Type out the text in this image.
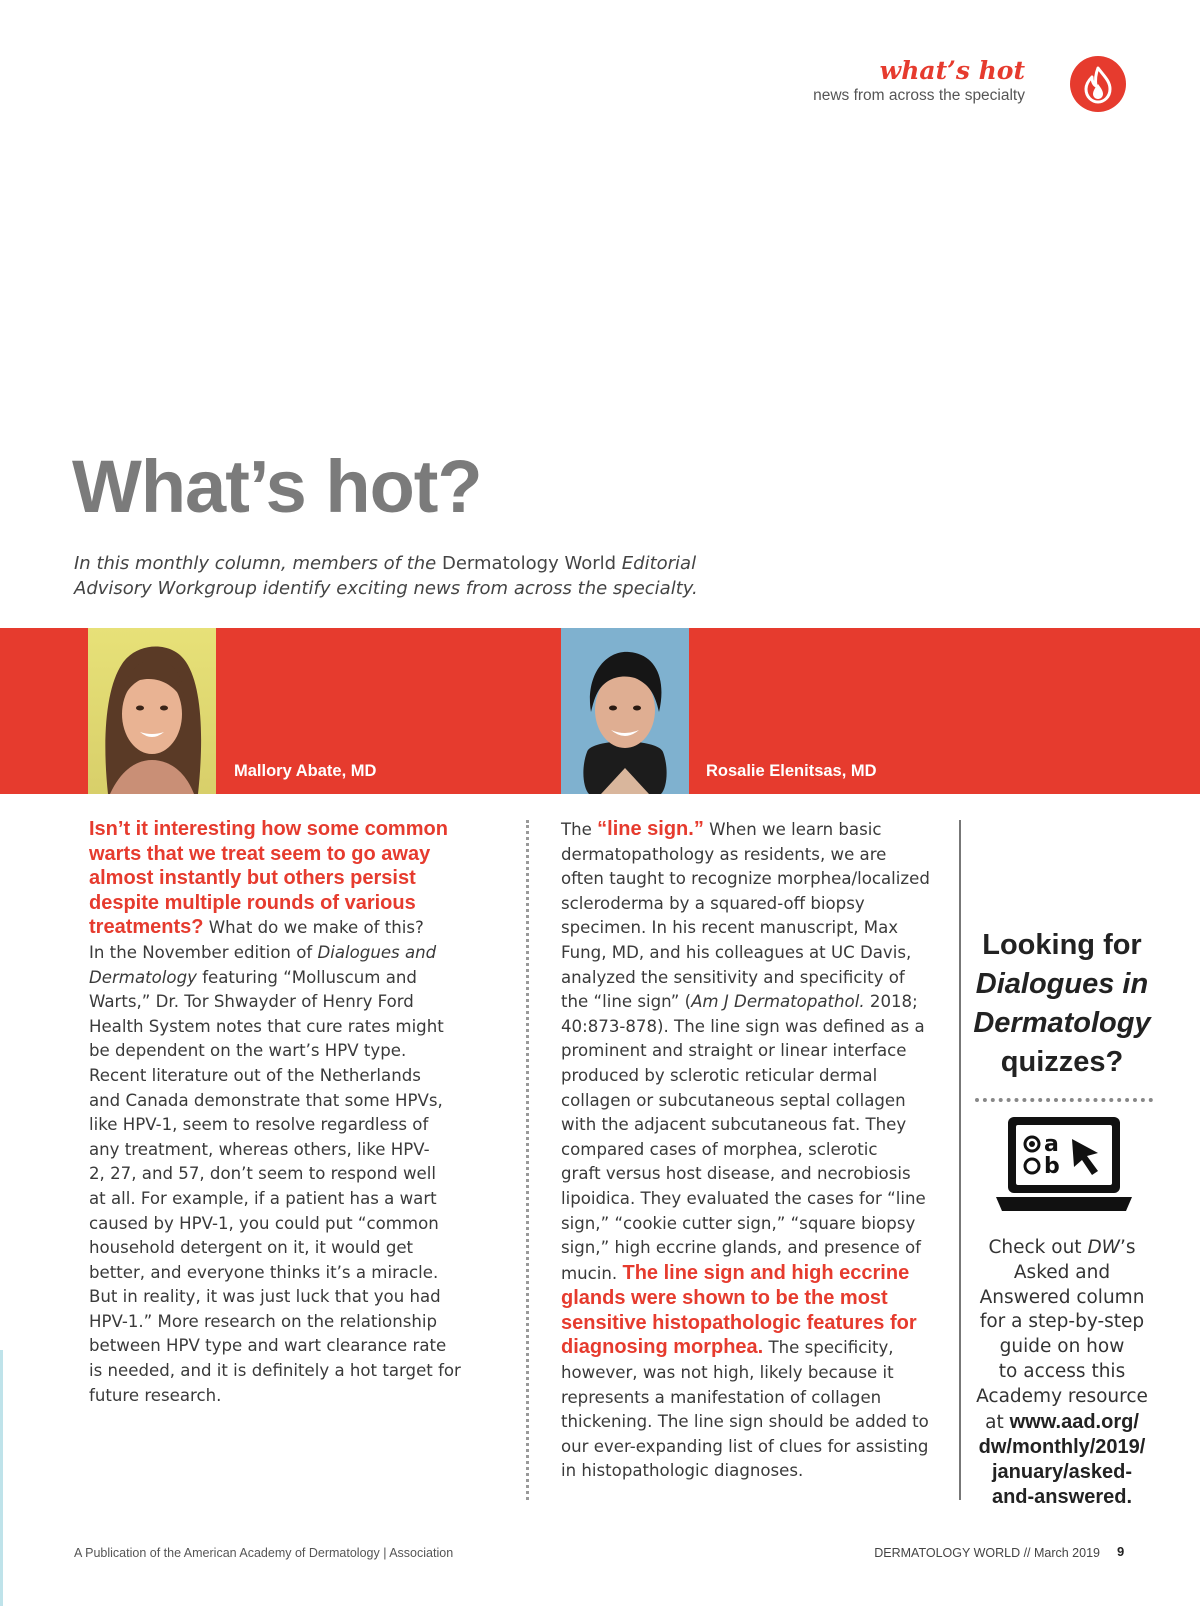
what’s hot
news from across the specialty
What’s hot?
In this monthly column, members of the Dermatology World Editorial
Advisory Workgroup identify exciting news from across the specialty.
Mallory Abate, MD	Rosalie Elenitsas, MD
Isn’t it interesting how some common
warts that we treat seem to go away
almost instantly but others persist
despite multiple rounds of various
treatments? What do we make of this?
In the November edition of Dialogues and
Dermatology featuring “Molluscum and
Warts,” Dr. Tor Shwayder of Henry Ford
Health System notes that cure rates might
be dependent on the wart’s HPV type.
Recent literature out of the Netherlands
and Canada demonstrate that some HPVs,
like HPV-1, seem to resolve regardless of
any treatment, whereas others, like HPV-
2, 27, and 57, don’t seem to respond well
at all. For example, if a patient has a wart
caused by HPV-1, you could put “common
household detergent on it, it would get
better, and everyone thinks it’s a miracle.
But in reality, it was just luck that you had
HPV-1.” More research on the relationship
between HPV type and wart clearance rate
is needed, and it is definitely a hot target for
future research.
The “line sign.” When we learn basic
dermatopathology as residents, we are
often taught to recognize morphea/localized
scleroderma by a squared-off biopsy
specimen. In his recent manuscript, Max
Fung, MD, and his colleagues at UC Davis,
analyzed the sensitivity and specificity of
the “line sign” (Am J Dermatopathol. 2018;
40:873-878). The line sign was defined as a
prominent and straight or linear interface
produced by sclerotic reticular dermal
collagen or subcutaneous septal collagen
with the adjacent subcutaneous fat. They
compared cases of morphea, sclerotic
graft versus host disease, and necrobiosis
lipoidica. They evaluated the cases for “line
sign,” “cookie cutter sign,” “square biopsy
sign,” high eccrine glands, and presence of
mucin. The line sign and high eccrine
glands were shown to be the most
sensitive histopathologic features for
diagnosing morphea. The specificity,
however, was not high, likely because it
represents a manifestation of collagen
thickening. The line sign should be added to
our ever-expanding list of clues for assisting
in histopathologic diagnoses.
Looking for
Dialogues in
Dermatology
quizzes?
a
b
Check out DW’s
Asked and
Answered column
for a step-by-step
guide on how
to access this
Academy resource
at www.aad.org/
dw/monthly/2019/
january/asked-
and-answered.
A Publication of the American Academy of Dermatology | Association	DERMATOLOGY WORLD // March 2019 9
